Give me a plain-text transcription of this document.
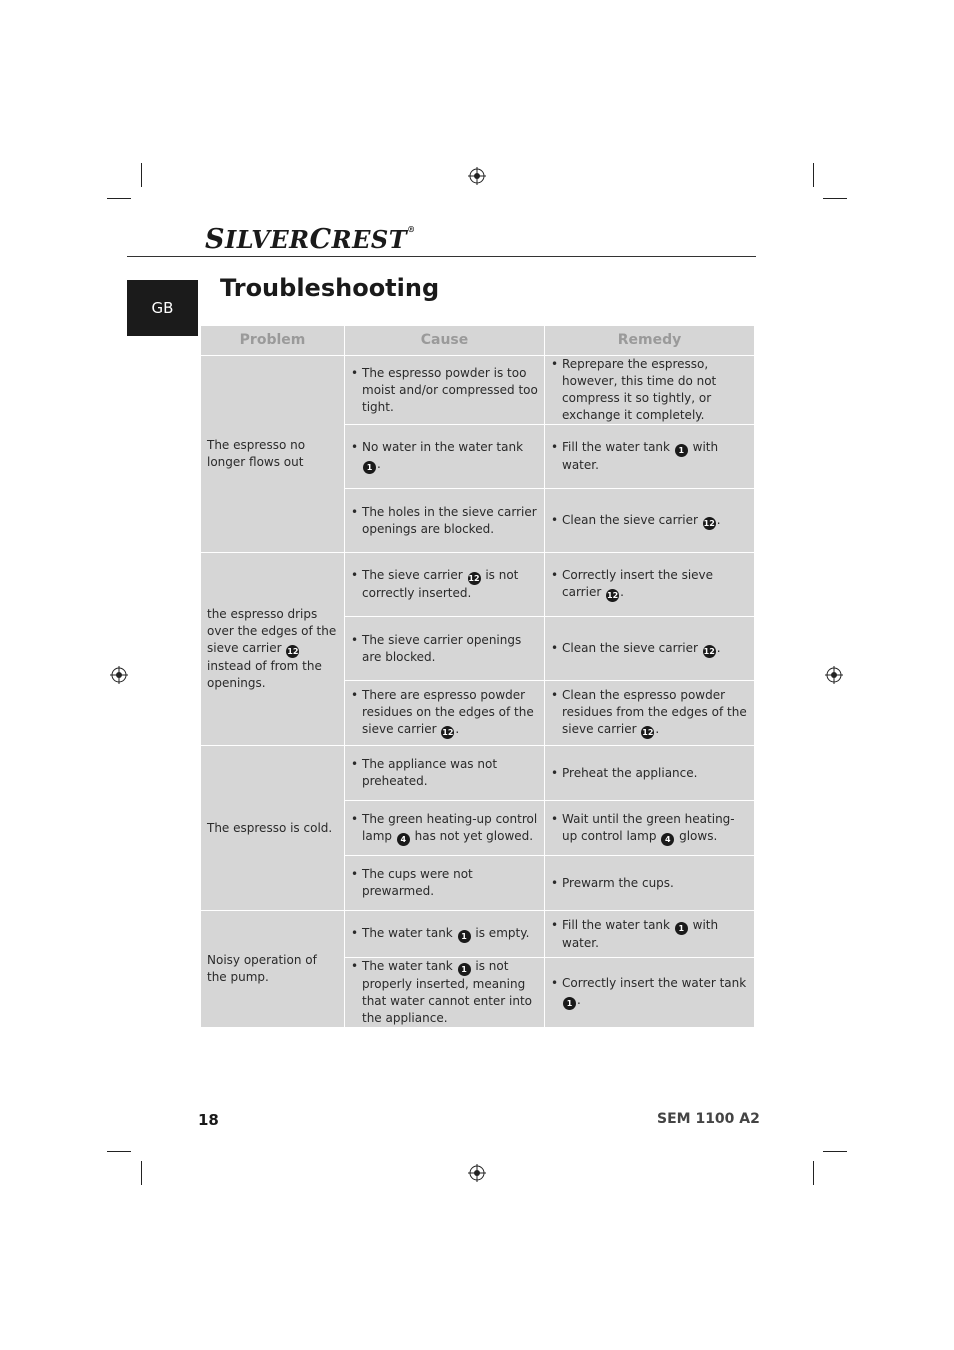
SILVERCREST®
GB
Troubleshooting
Problem	Cause	Remedy
The espresso no longer flows out	• The espresso powder is too moist and/or compressed too tight.	• Reprepare the espresso, however, this time do not compress it so tightly, or exchange it completely.

	• No water in the water tank 1 .	• Fill the water tank 1 with water.

	• The holes in the sieve carrier openings are blocked.	• Clean the sieve carrier 12 .

the espresso drips over the edges of the sieve carrier 12 instead of from the openings.	• The sieve carrier 12 is not correctly inserted.	• Correctly insert the sieve carrier 12 .

	• The sieve carrier openings are blocked.	• Clean the sieve carrier 12 .

	• There are espresso powder residues on the edges of the sieve carrier 12 .	• Clean the espresso powder residues from the edges of the sieve carrier 12 .

The espresso is cold.	• The appliance was not preheated.	• Preheat the appliance.

	• The green heating-up control lamp 4 has not yet glowed.	• Wait until the green heating-up control lamp 4 glows.

	• The cups were not prewarmed.	• Prewarm the cups.

Noisy operation of the pump.	• The water tank 1 is empty.	• Fill the water tank 1 with water.

	• The water tank 1 is not properly inserted, meaning that water cannot enter into the appliance.	• Correctly insert the water tank 1 .
18	SEM 1100 A2
